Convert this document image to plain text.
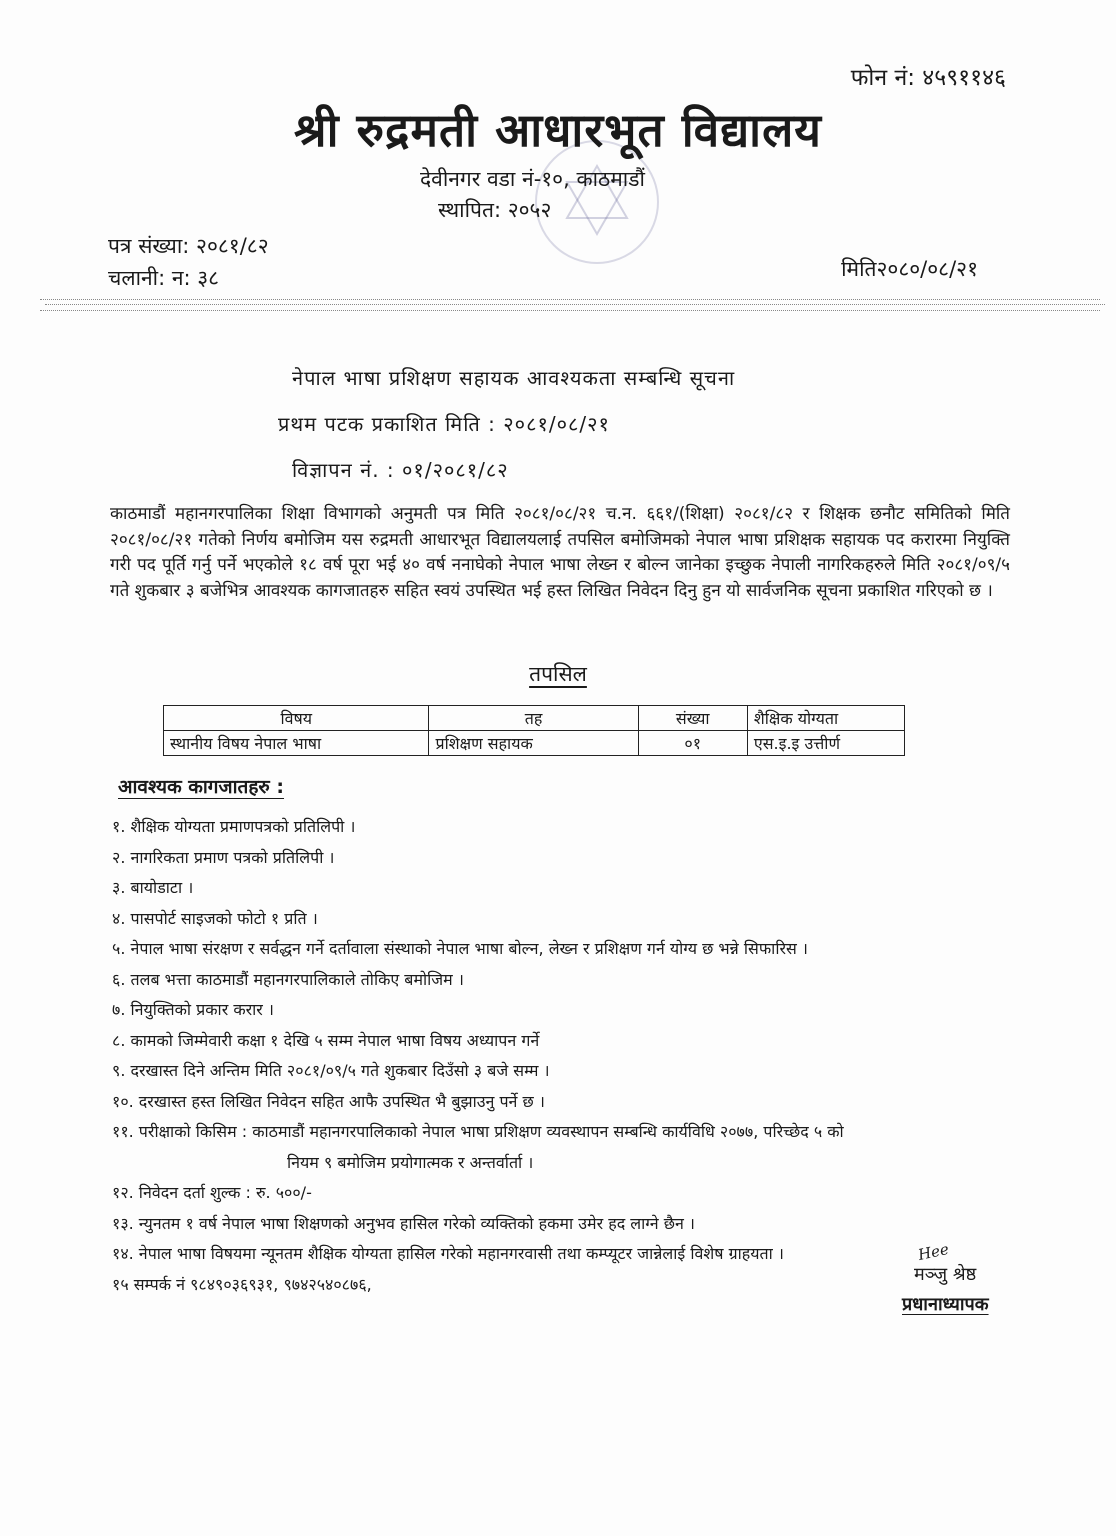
फोन नं: ४५९११४६
श्री रुद्रमती आधारभूत विद्यालय
देवीनगर वडा नं-१०, काठमाडौं
स्थापित: २०५२
पत्र संख्या: २०८१/८२
चलानी: न: ३८	मिति२०८०/०८/२१
नेपाल भाषा प्रशिक्षण सहायक आवश्यकता सम्बन्धि सूचना
प्रथम पटक प्रकाशित मिति : २०८१/०८/२१
विज्ञापन नं. : ०१/२०८१/८२
काठमाडौं महानगरपालिका शिक्षा विभागको अनुमती पत्र मिति २०८१/०८/२१ च.न. ६६१/(शिक्षा) २०८१/८२ र शिक्षक छनौट समितिको मिति २०८१/०८/२१ गतेको निर्णय बमोजिम यस रुद्रमती आधारभूत विद्यालयलाई तपसिल बमोजिमको नेपाल भाषा प्रशिक्षक सहायक पद करारमा नियुक्ति गरी पद पूर्ति गर्नु पर्ने भएकोले १८ वर्ष पूरा भई ४० वर्ष ननाघेको नेपाल भाषा लेख्न र बोल्न जानेका इच्छुक नेपाली नागरिकहरुले मिति २०८१/०९/५ गते शुकबार ३ बजेभित्र आवश्यक कागजातहरु सहित स्वयं उपस्थित भई हस्त लिखित निवेदन दिनु हुन यो सार्वजनिक सूचना प्रकाशित गरिएको छ ।
तपसिल
विषय	तह	संख्या	शैक्षिक योग्यता
स्थानीय विषय नेपाल भाषा	प्रशिक्षण सहायक	०१	एस.इ.इ उत्तीर्ण
आवश्यक कागजातहरु :
१. शैक्षिक योग्यता प्रमाणपत्रको प्रतिलिपी ।
२. नागरिकता प्रमाण पत्रको प्रतिलिपी ।
३. बायोडाटा ।
४. पासपोर्ट साइजको फोटो १ प्रति ।
५. नेपाल भाषा संरक्षण र सर्वद्धन गर्ने दर्तावाला संस्थाको नेपाल भाषा बोल्न, लेख्न र प्रशिक्षण गर्न योग्य छ भन्ने सिफारिस ।
६. तलब भत्ता काठमाडौं महानगरपालिकाले तोकिए बमोजिम ।
७. नियुक्तिको प्रकार करार ।
८. कामको जिम्मेवारी कक्षा १ देखि ५ सम्म नेपाल भाषा विषय अध्यापन गर्ने
९. दरखास्त दिने अन्तिम मिति २०८१/०९/५ गते शुकबार दिउँसो ३ बजे सम्म ।
१०. दरखास्त हस्त लिखित निवेदन सहित आफै उपस्थित भै बुझाउनु पर्ने छ ।
११. परीक्षाको किसिम : काठमाडौं महानगरपालिकाको नेपाल भाषा प्रशिक्षण व्यवस्थापन सम्बन्धि कार्यविधि २०७७, परिच्छेद ५ को
नियम ९ बमोजिम प्रयोगात्मक र अन्तर्वार्ता ।
१२. निवेदन दर्ता शुल्क : रु. ५००/-
१३. न्युनतम १ वर्ष नेपाल भाषा शिक्षणको अनुभव हासिल गरेको व्यक्तिको हकमा उमेर हद लाग्ने छैन ।
१४. नेपाल भाषा विषयमा न्यूनतम शैक्षिक योग्यता हासिल गरेको महानगरवासी तथा कम्प्यूटर जान्नेलाई विशेष ग्राहयता ।
१५ सम्पर्क नं ९८४९०३६९३१, ९७४२५४०८७६,
Hee
मञ्जु श्रेष्ठ
प्रधानाध्यापक
